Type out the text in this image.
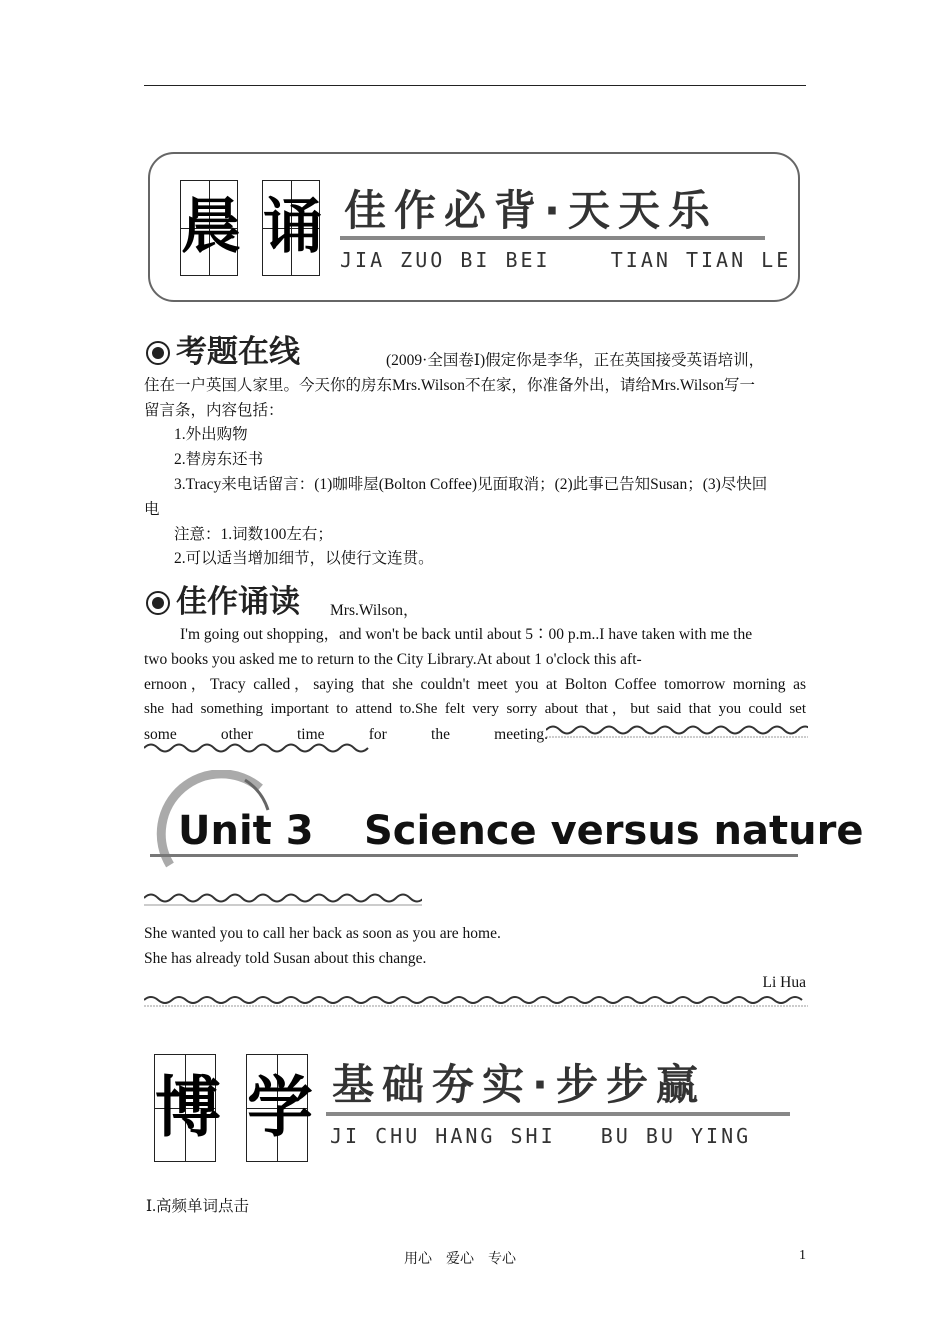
晨 诵 佳作必背·天天乐
JIA ZUO BI BEI    TIAN TIAN LE
考题在线	(2009·全国卷Ⅰ)假定你是李华，正在英国接受英语培训，
住在一户英国人家里。今天你的房东Mrs.Wilson不在家，你准备外出，请给Mrs.Wilson写一
留言条，内容包括：
1.外出购物
2.替房东还书
3.Tracy来电话留言：(1)咖啡屋(Bolton Coffee)见面取消；(2)此事已告知Susan；(3)尽快回
电
注意：1.词数100左右；
2.可以适当增加细节，以使行文连贯。
佳作诵读 Mrs.Wilson，
I'm going out shopping，and won't be back until about 5∶00 p.m..I have taken with me the
two books you asked me to return to the City Library.At about 1 o'clock this aft-
ernoon，Tracy called，saying that she couldn't meet you at Bolton Coffee tomorrow morning as
she had something important to attend to.She felt very sorry about that，but said that you could set
some other time for the meeting.
Unit 3 Science versus nature
She wanted you to call her back as soon as you are home.
She has already told Susan about this change.
Li Hua
博 学 基础夯实·步步赢
JI CHU HANG SHI   BU BU YING
Ⅰ.高频单词点击
用心　爱心　专心	1
